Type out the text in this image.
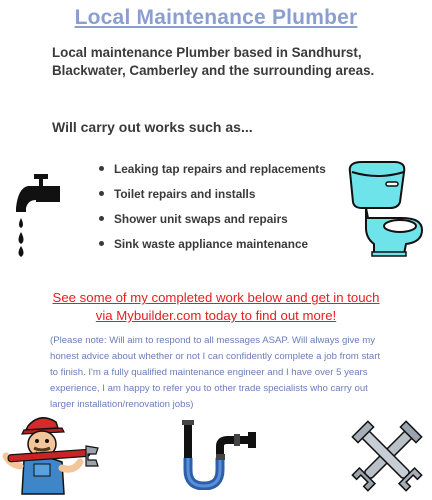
Local Maintenance Plumber
Local maintenance Plumber based in Sandhurst, Blackwater, Camberley and the surrounding areas.
Will carry out works such as...
Leaking tap repairs and replacements
Toilet repairs and installs
Shower unit swaps and repairs
Sink waste appliance maintenance
See some of my completed work below and get in touch via Mybuilder.com today to find out more!
(Please note: Will aim to respond to all messages ASAP. Will always give my honest advice about whether or not I can confidently complete a job from start to finish. I'm a fully qualified maintenance engineer and I have over 5 years experience, I am happy to refer you to other trade specialists who carry out larger installation/renovation jobs)
